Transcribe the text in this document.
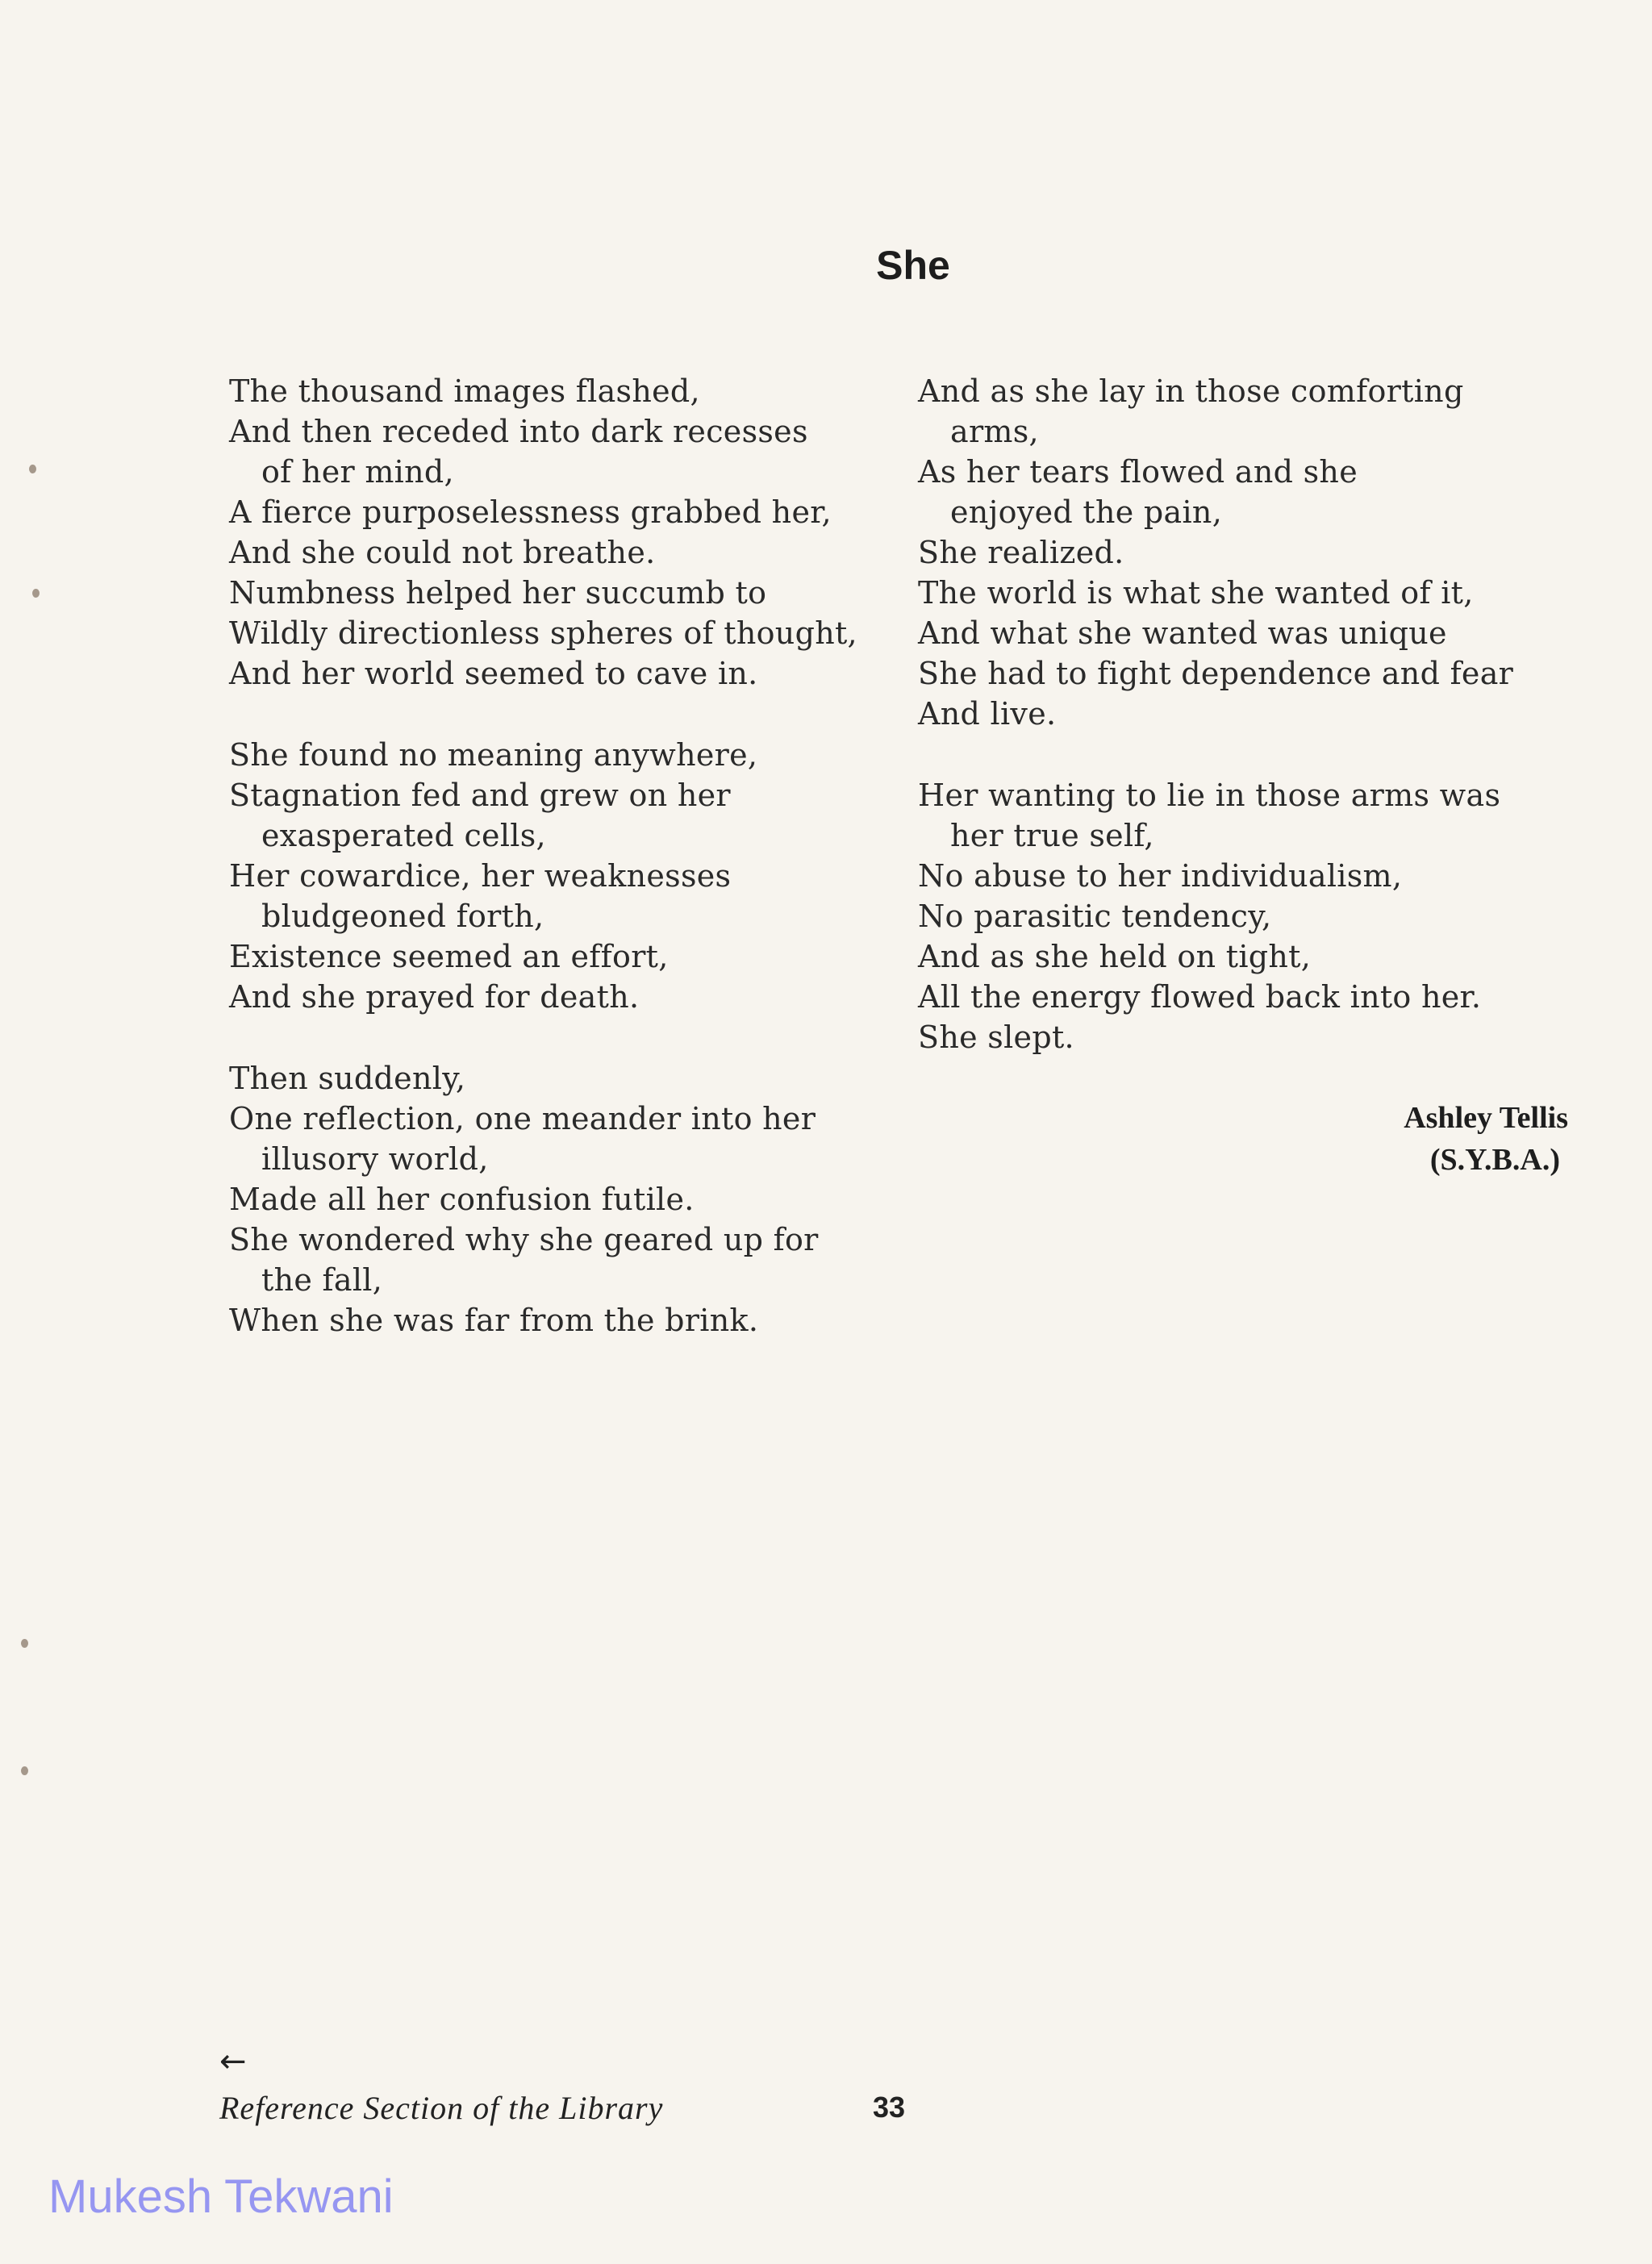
She
The thousand images flashed,
And then receded into dark recesses
of her mind,
A fierce purposelessness grabbed her,
And she could not breathe.
Numbness helped her succumb to
Wildly directionless spheres of thought,
And her world seemed to cave in.
She found no meaning anywhere,
Stagnation fed and grew on her
exasperated cells,
Her cowardice, her weaknesses
bludgeoned forth,
Existence seemed an effort,
And she prayed for death.
Then suddenly,
One reflection, one meander into her
illusory world,
Made all her confusion futile.
She wondered why she geared up for
the fall,
When she was far from the brink.
And as she lay in those comforting
arms,
As her tears flowed and she
enjoyed the pain,
She realized.
The world is what she wanted of it,
And what she wanted was unique
She had to fight dependence and fear
And live.
Her wanting to lie in those arms was
her true self,
No abuse to her individualism,
No parasitic tendency,
And as she held on tight,
All the energy flowed back into her.
She slept.
Ashley Tellis
(S.Y.B.A.)
←
Reference Section of the Library	33
Mukesh Tekwani
